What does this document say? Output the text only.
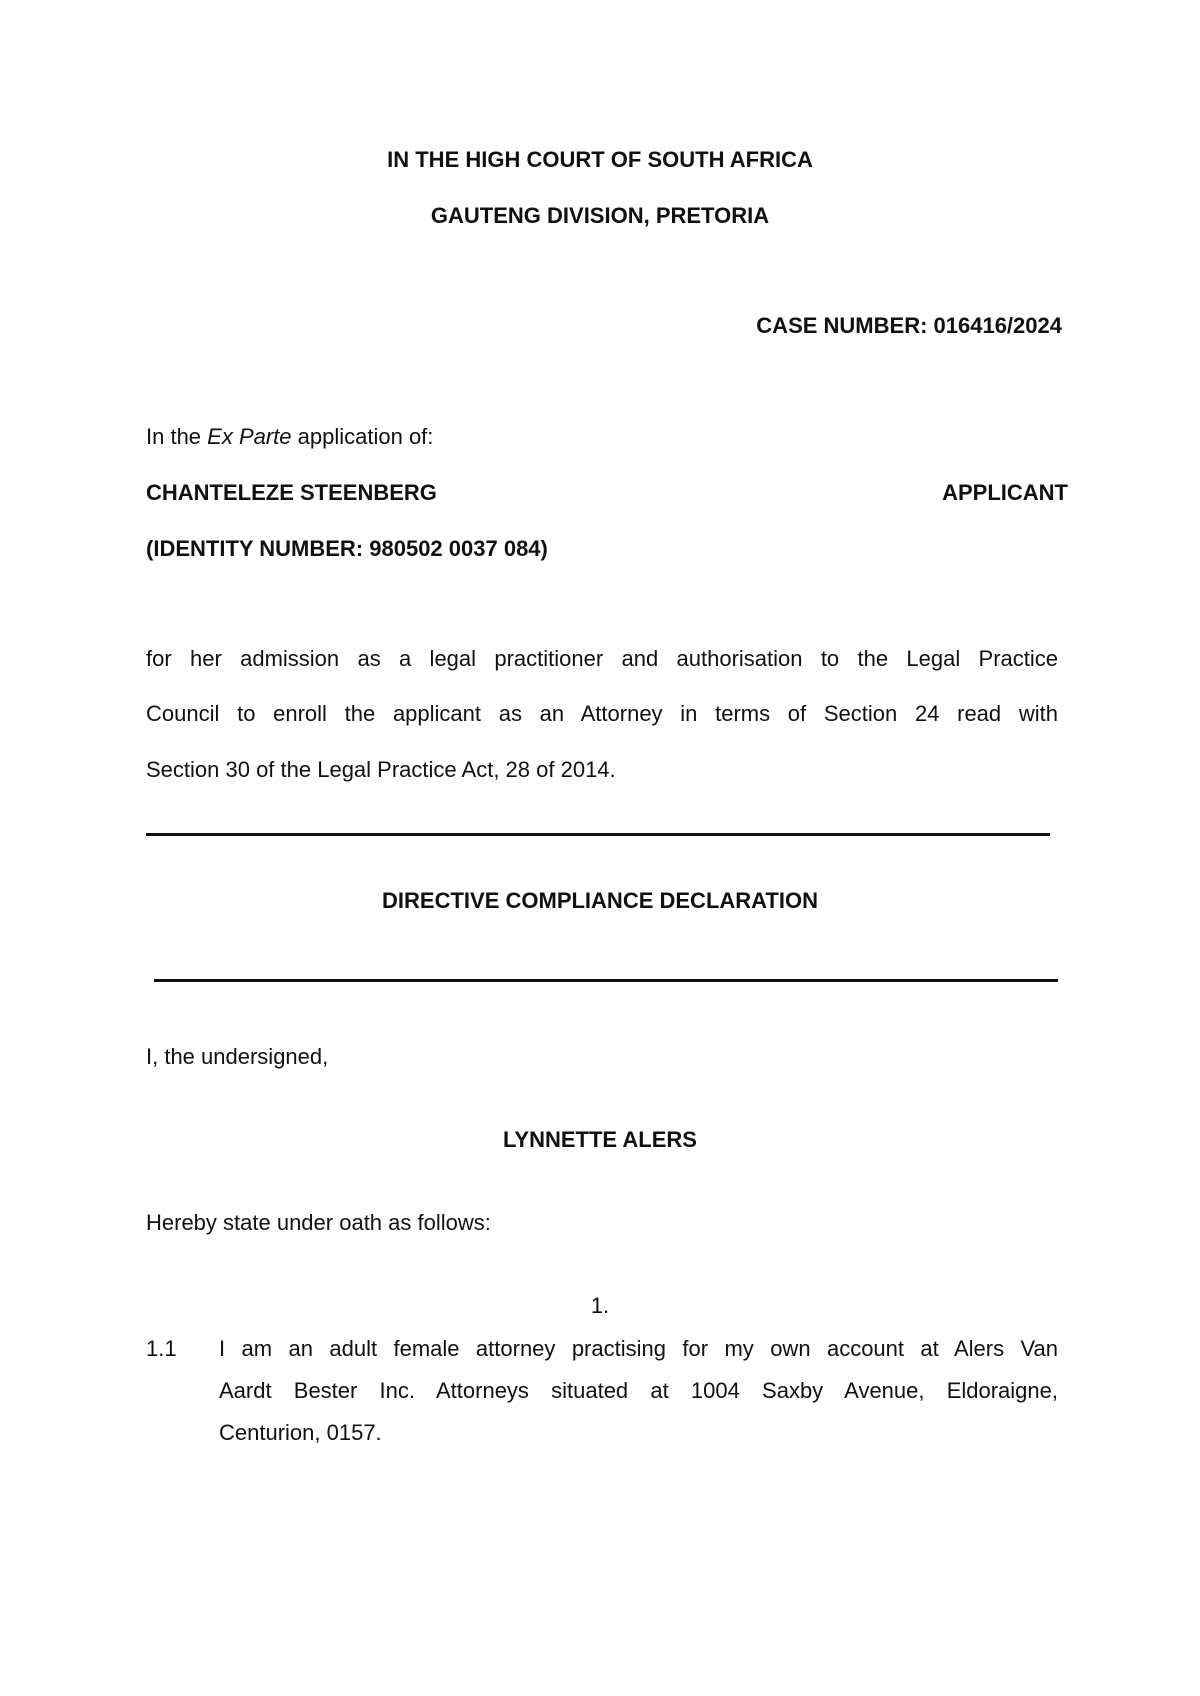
IN THE HIGH COURT OF SOUTH AFRICA
GAUTENG DIVISION, PRETORIA
CASE NUMBER: 016416/2024
In the Ex Parte application of:
CHANTELEZE STEENBERG	APPLICANT
(IDENTITY NUMBER: 980502 0037 084)
for her admission as a legal practitioner and authorisation to the Legal Practice
Council to enroll the applicant as an Attorney in terms of Section 24 read with
Section 30 of the Legal Practice Act, 28 of 2014.
DIRECTIVE COMPLIANCE DECLARATION
I, the undersigned,
LYNNETTE ALERS
Hereby state under oath as follows:
1.
1.1 I am an adult female attorney practising for my own account at Alers Van
Aardt Bester Inc. Attorneys situated at 1004 Saxby Avenue, Eldoraigne,
Centurion, 0157.
